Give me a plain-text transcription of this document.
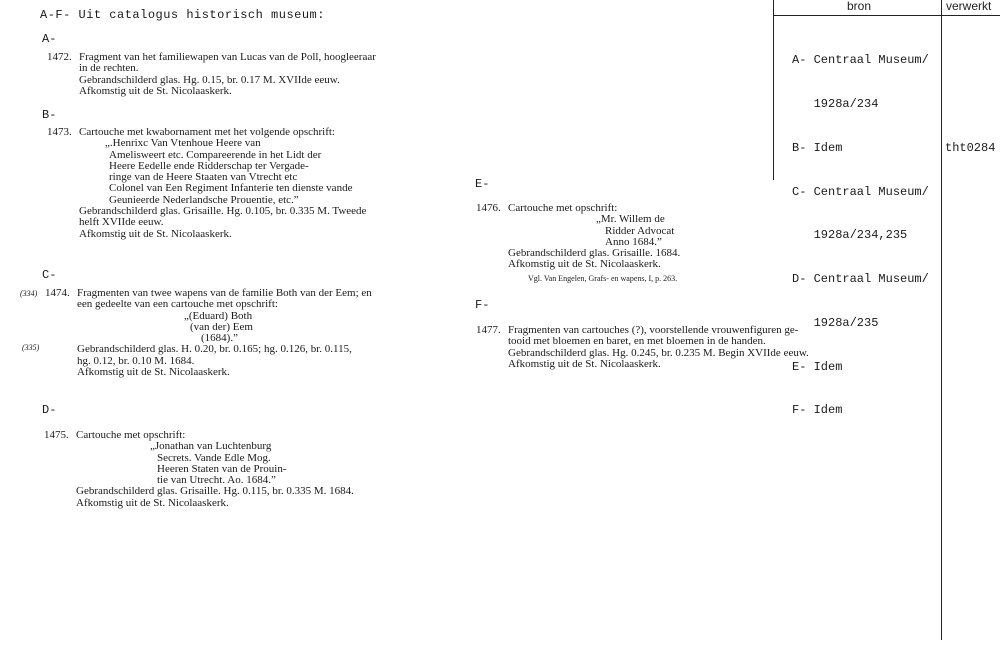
A-F- Uit catalogus historisch museum:
A-
1472. Fragment van het familiewapen van Lucas van de Poll, hoogleeraar
in de rechten.
Gebrandschilderd glas. Hg. 0.15, br. 0.17 M. XVIIde eeuw.
Afkomstig uit de St. Nicolaaskerk.
B-
1473. Cartouche met kwabornament met het volgende opschrift:
„.Henrixc Van Vtenhoue Heere van
Amelisweert etc. Compareerende in het Lidt der
Heere Eedelle ende Ridderschap ter Vergade-
ringe van de Heere Staaten van Vtrecht etc
Colonel van Een Regiment Infanterie ten dienste vande
Geunieerde Nederlandsche Prouentie, etc.”
Gebrandschilderd glas. Grisaille. Hg. 0.105, br. 0.335 M. Tweede
helft XVIIde eeuw.
Afkomstig uit de St. Nicolaaskerk.
C-
(334)
(335)
1474. Fragmenten van twee wapens van de familie Both van der Eem; en
een gedeelte van een cartouche met opschrift:
„(Eduard) Both
(van der) Eem
(1684).”
Gebrandschilderd glas. H. 0.20, br. 0.165; hg. 0.126, br. 0.115,
hg. 0.12, br. 0.10 M. 1684.
Afkomstig uit de St. Nicolaaskerk.
D-
1475. Cartouche met opschrift:
„Jonathan van Luchtenburg
Secrets. Vande Edle Mog.
Heeren Staten van de Prouin-
tie van Utrecht. Ao. 1684.”
Gebrandschilderd glas. Grisaille. Hg. 0.115, br. 0.335 M. 1684.
Afkomstig uit de St. Nicolaaskerk.
E-
1476. Cartouche met opschrift:
„Mr. Willem de
Ridder Advocat
Anno 1684.”
Gebrandschilderd glas. Grisaille. 1684.
Afkomstig uit de St. Nicolaaskerk.
Vgl. Van Engelen, Grafs- en wapens, I, p. 263.
F-
1477. Fragmenten van cartouches (?), voorstellende vrouwenfiguren ge-
tooid met bloemen en baret, en met bloemen in de handen.
Gebrandschilderd glas. Hg. 0.245, br. 0.235 M. Begin XVIIde eeuw.
Afkomstig uit de St. Nicolaaskerk.
bron	verwerkt

A- Centraal Museum/

1928a/234

B- Idem

C- Centraal Museum/

1928a/234,235

D- Centraal Museum/

1928a/235

E- Idem

F- Idem

tht0284
